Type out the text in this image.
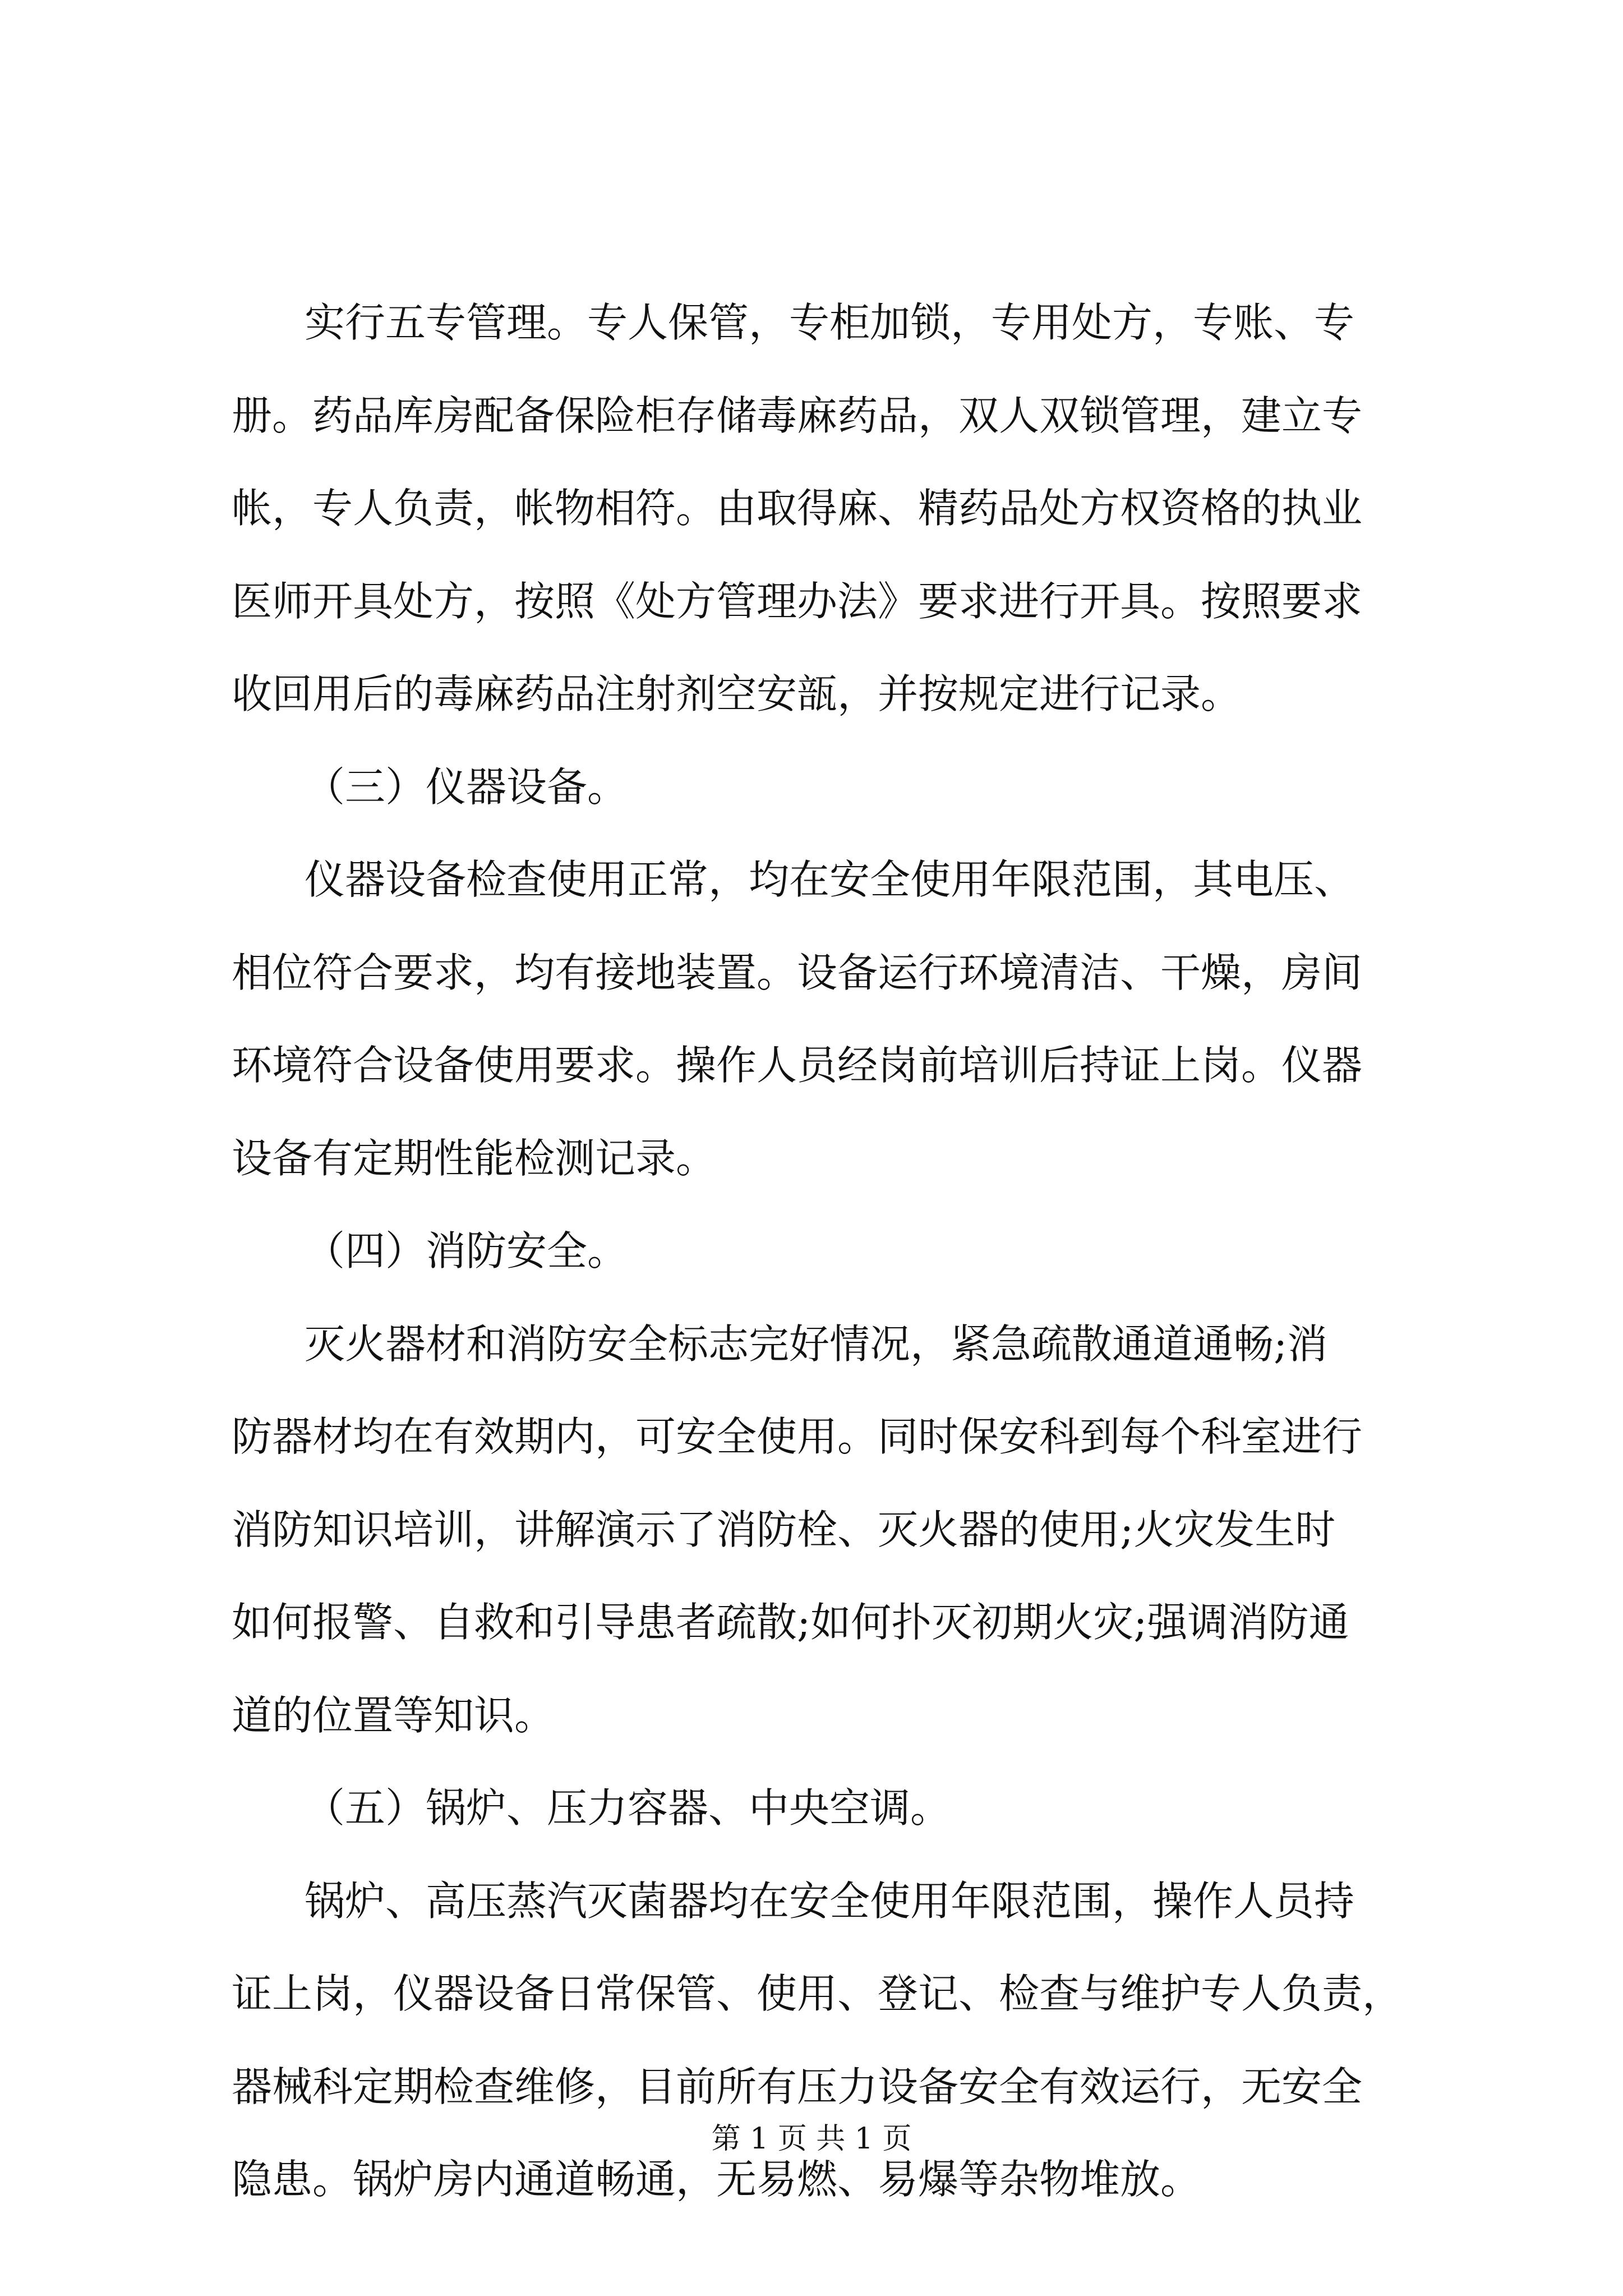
实行五专管理。专人保管，专柜加锁，专用处方，专账、专
册。药品库房配备保险柜存储毒麻药品，双人双锁管理，建立专
帐，专人负责，帐物相符。由取得麻、精药品处方权资格的执业
医师开具处方，按照《处方管理办法》要求进行开具。按照要求
收回用后的毒麻药品注射剂空安瓿，并按规定进行记录。
（三）仪器设备。
仪器设备检查使用正常，均在安全使用年限范围，其电压、
相位符合要求，均有接地装置。设备运行环境清洁、干燥，房间
环境符合设备使用要求。操作人员经岗前培训后持证上岗。仪器
设备有定期性能检测记录。
（四）消防安全。
灭火器材和消防安全标志完好情况，紧急疏散通道通畅;消
防器材均在有效期内，可安全使用。同时保安科到每个科室进行
消防知识培训，讲解演示了消防栓、灭火器的使用;火灾发生时
如何报警、自救和引导患者疏散;如何扑灭初期火灾;强调消防通
道的位置等知识。
（五）锅炉、压力容器、中央空调。
锅炉、高压蒸汽灭菌器均在安全使用年限范围，操作人员持
证上岗，仪器设备日常保管、使用、登记、检查与维护专人负责，
器械科定期检查维修，目前所有压力设备安全有效运行，无安全
隐患。锅炉房内通道畅通，无易燃、易爆等杂物堆放。
第 1 页 共 1 页
